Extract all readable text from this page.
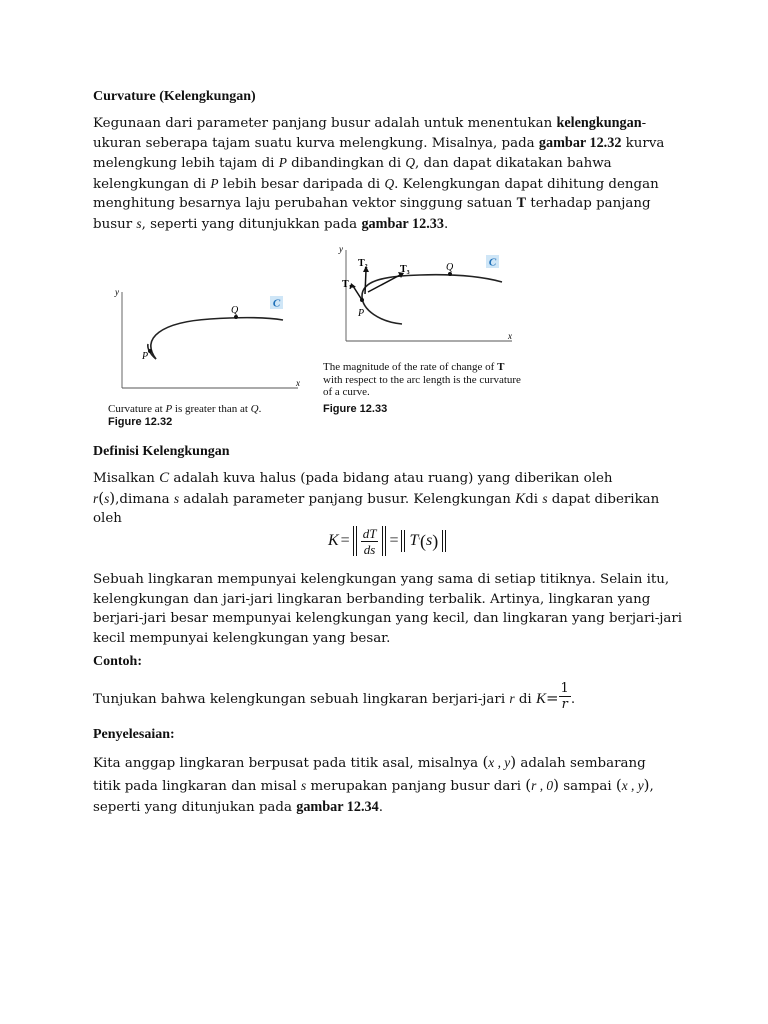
Curvature (Kelengkungan)

Kegunaan dari parameter panjang busur adalah untuk menentukan kelengkungan-ukuran seberapa tajam suatu kurva melengkung. Misalnya, pada gambar 12.32 kurva melengkung lebih tajam di P dibandingkan di Q, dan dapat dikatakan bahwa kelengkungan di P lebih besar daripada di Q. Kelengkungan dapat dihitung dengan menghitung besarnya laju perubahan vektor singgung satuan T terhadap panjang busur s, seperti yang ditunjukkan pada gambar 12.33.

C
P
Q
y
x

Curvature at P is greater than at Q.

Figure 12.32

$T_1$
$T_2$	$T_3$
C
P
Q
y
x
The magnitude of the rate of change of T
with respect to the arc length is the curvature
of a curve.

Figure 12.33

Definisi Kelengkungan

Misalkan C adalah kuva halus (pada bidang atau ruang) yang diberikan oleh r(s),dimana s adalah parameter panjang busur. Kelengkungan Kdi s dapat diberikan oleh

K = ‖ $\frac{dT}{ds}$ ‖ = ‖ T ' ( s ) ‖

Sebuah lingkaran mempunyai kelengkungan yang sama di setiap titiknya. Selain itu, kelengkungan dan jari-jari lingkaran berbanding terbalik. Artinya, lingkaran yang berjari-jari besar mempunyai kelengkungan yang kecil, dan lingkaran yang berjari-jari kecil mempunyai kelengkungan yang besar.

Contoh:

Tunjukan bahwa kelengkungan sebuah lingkaran berjari-jari r di $K= \frac{1}{r}$ .

Penyelesaian:

Kita anggap lingkaran berpusat pada titik asal, misalnya (x , y) adalah sembarang titik pada lingkaran dan misal s merupakan panjang busur dari (r , 0) sampai (x , y), seperti yang ditunjukan pada gambar 12.34.
